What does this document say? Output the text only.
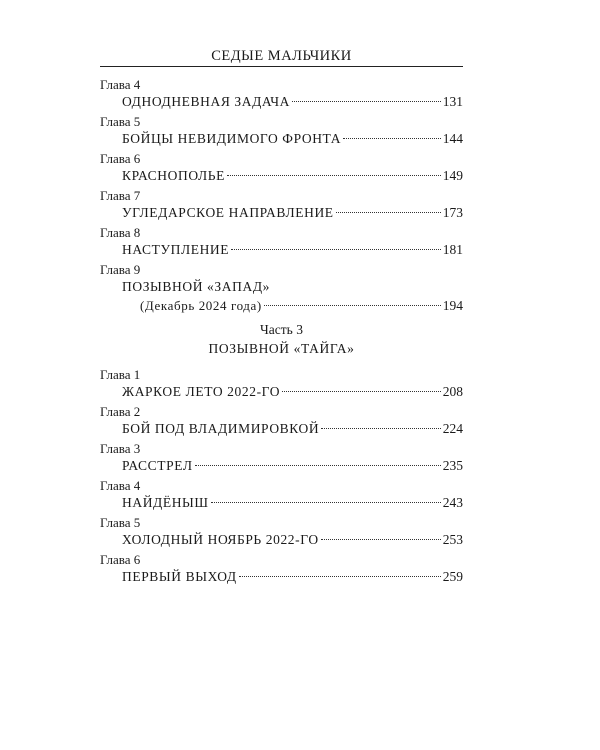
СЕДЫЕ МАЛЬЧИКИ
Глава 4
ОДНОДНЕВНАЯ ЗАДАЧА	131
Глава 5
БОЙЦЫ НЕВИДИМОГО ФРОНТА	144
Глава 6
КРАСНОПОЛЬЕ	149
Глава 7
УГЛЕДАРСКОЕ НАПРАВЛЕНИЕ	173
Глава 8
НАСТУПЛЕНИЕ	181
Глава 9
ПОЗЫВНОЙ «ЗАПАД»
(Декабрь 2024 года)	194
Часть 3
ПОЗЫВНОЙ «ТАЙГА»
Глава 1
ЖАРКОЕ ЛЕТО 2022-ГО	208
Глава 2
БОЙ ПОД ВЛАДИМИРОВКОЙ	224
Глава 3
РАССТРЕЛ	235
Глава 4
НАЙДЁНЫШ	243
Глава 5
ХОЛОДНЫЙ НОЯБРЬ 2022-ГО	253
Глава 6
ПЕРВЫЙ ВЫХОД	259
